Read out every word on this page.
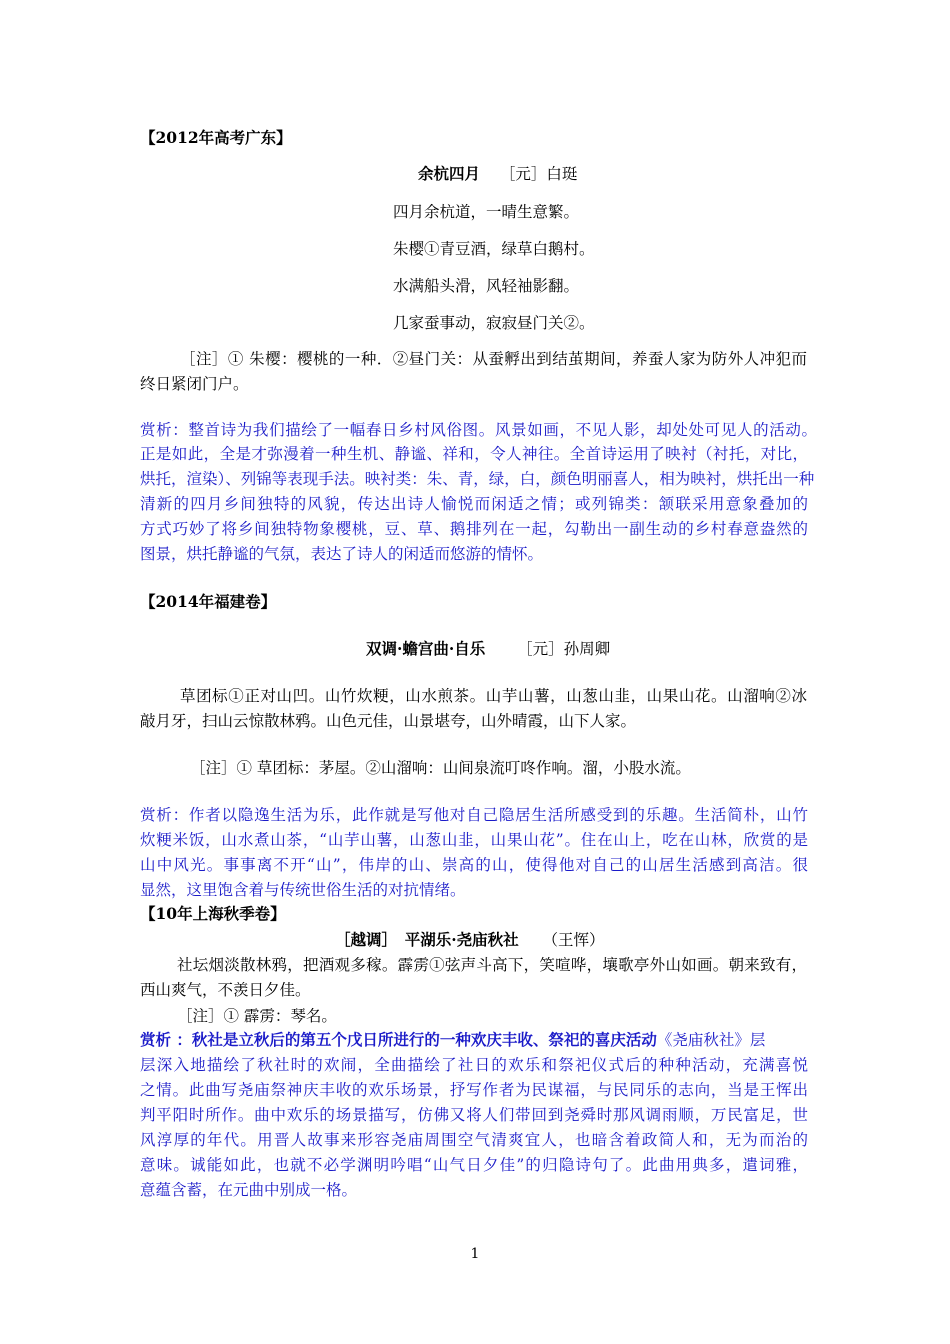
【2012年高考广东】
余杭四月 ［元］白珽
四月余杭道，一晴生意繁。
朱樱①青豆酒，绿草白鹅村。
水满船头滑，风轻袖影翻。
几家蚕事动，寂寂昼门关②。
［注］① 朱樱：樱桃的一种．②昼门关：从蚕孵出到结茧期间，养蚕人家为防外人冲犯而
终日紧闭门户。
赏析：整首诗为我们描绘了一幅春日乡村风俗图。风景如画，不见人影，却处处可见人的活动。
正是如此，全是才弥漫着一种生机、静谧、祥和，令人神往。全首诗运用了映衬（衬托，对比，
烘托，渲染）、列锦等表现手法。映衬类：朱、青，绿，白，颜色明丽喜人，相为映衬，烘托出一种
清新的四月乡间独特的风貌，传达出诗人愉悦而闲适之情；或列锦类：颔联采用意象叠加的
方式巧妙了将乡间独特物象樱桃，豆、草、鹅排列在一起，勾勒出一副生动的乡村春意盎然的
图景，烘托静谧的气氛，表达了诗人的闲适而悠游的情怀。
【2014年福建卷】
双调·蟾宫曲·自乐 ［元］孙周卿
草团标①正对山凹。山竹炊粳，山水煎茶。山芋山薯，山葱山韭，山果山花。山溜响②冰
敲月牙，扫山云惊散林鸦。山色元佳，山景堪夸，山外晴霞，山下人家。
［注］① 草团标：茅屋。②山溜响：山间泉流叮咚作响。溜，小股水流。
赏析：作者以隐逸生活为乐，此作就是写他对自己隐居生活所感受到的乐趣。生活简朴，山竹
炊粳米饭，山水煮山茶，“山芋山薯，山葱山韭，山果山花”。住在山上，吃在山林，欣赏的是
山中风光。事事离不开“山”，伟岸的山、崇高的山，使得他对自己的山居生活感到高洁。很
显然，这里饱含着与传统世俗生活的对抗情绪。
【10年上海秋季卷】
［越调］　平湖乐·尧庙秋社 （王恽）
社坛烟淡散林鸦，把酒观多稼。霹雳①弦声斗高下，笑喧哗，壤歌亭外山如画。朝来致有，
西山爽气，不羡日夕佳。
［注］① 霹雳：琴名。
赏析 ：秋社是立秋后的第五个戊日所进行的一种欢庆丰收、祭祀的喜庆活动《尧庙秋社》层
层深入地描绘了秋社时的欢闹，全曲描绘了社日的欢乐和祭祀仪式后的种种活动，充满喜悦
之情。此曲写尧庙祭神庆丰收的欢乐场景，抒写作者为民谋福，与民同乐的志向，当是王恽出
判平阳时所作。曲中欢乐的场景描写，仿佛又将人们带回到尧舜时那风调雨顺，万民富足，世
风淳厚的年代。用晋人故事来形容尧庙周围空气清爽宜人，也暗含着政简人和，无为而治的
意味。诚能如此，也就不必学渊明吟唱“山气日夕佳”的归隐诗句了。此曲用典多，遣词雅，
意蕴含蓄，在元曲中别成一格。
1
